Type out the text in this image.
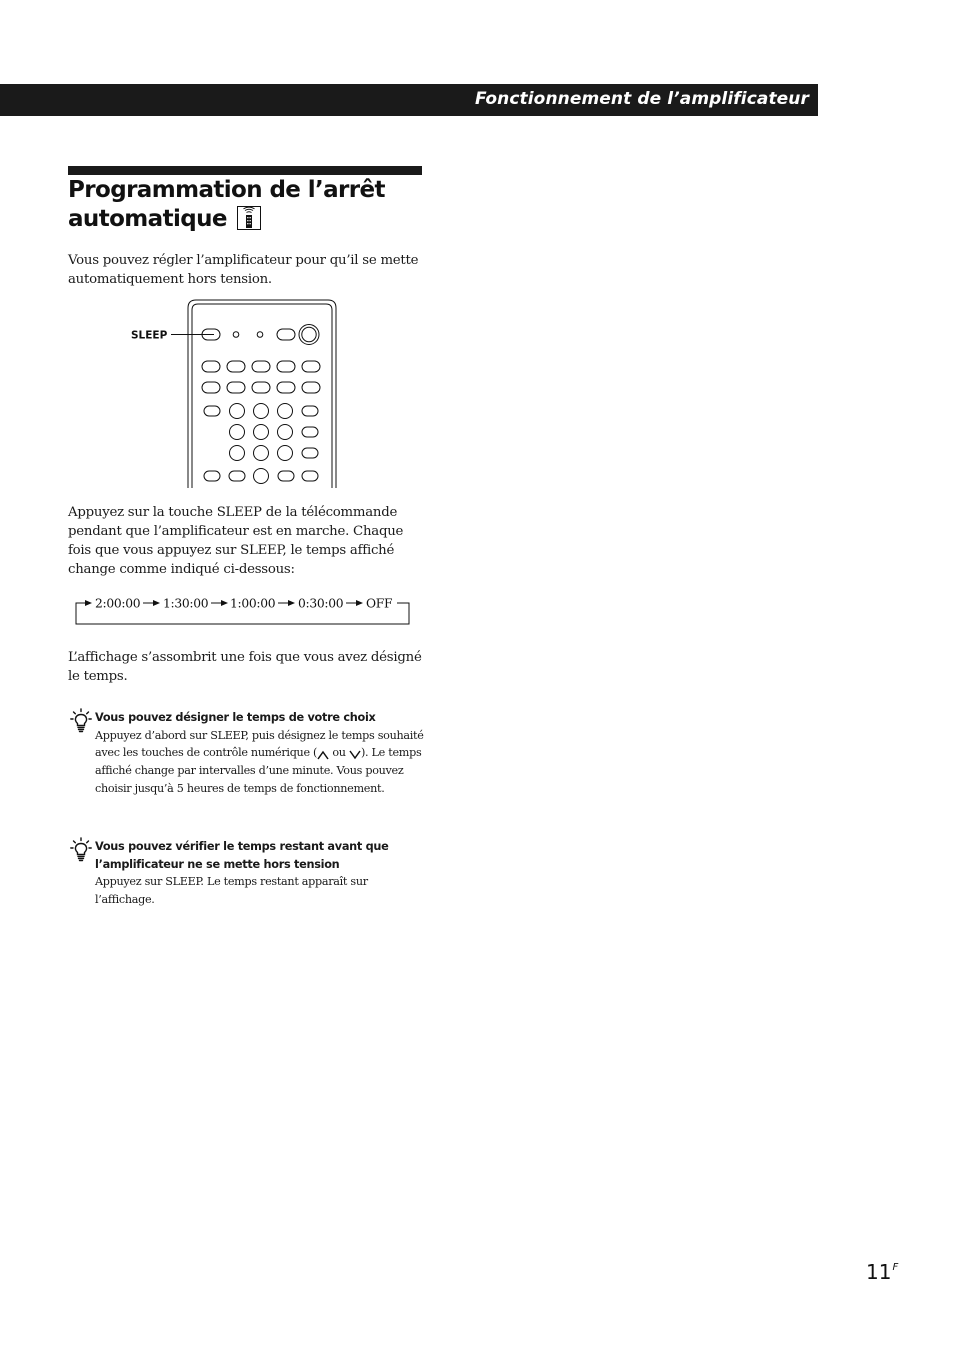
Fonctionnement de l’amplificateur
Programmation de l’arrêt
automatique

Vous pouvez régler l’amplificateur pour qu’il se mette automatiquement hors tension.

SLEEP

Appuyez sur la touche SLEEP de la télécommande pendant que l’amplificateur est en marche. Chaque fois que vous appuyez sur SLEEP, le temps affiché change comme indiqué ci-dessous:

2:00:00 1:30:00 1:00:00 0:30:00 OFF

L’affichage s’assombrit une fois que vous avez désigné le temps.

Vous pouvez désigner le temps de votre choix

Appuyez d’abord sur SLEEP, puis désignez le temps souhaité avec les touches de contrôle numérique ( ou ). Le temps affiché change par intervalles d’une minute. Vous pouvez choisir jusqu’à 5 heures de temps de fonctionnement.

Vous pouvez vérifier le temps restant avant que l’amplificateur ne se mette hors tension

Appuyez sur SLEEP. Le temps restant apparaît sur l’affichage.

$11^F$
